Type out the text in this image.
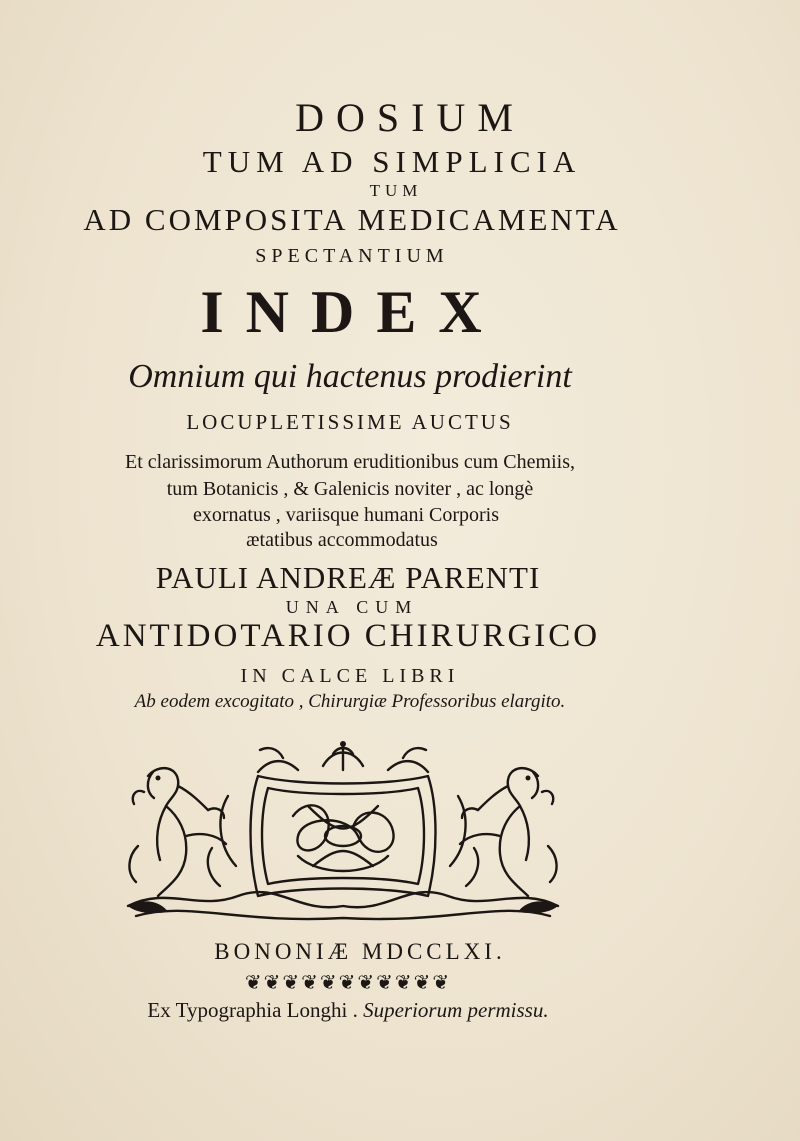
DOSIUM
TUM AD SIMPLICIA
TUM
AD COMPOSITA MEDICAMENTA
SPECTANTIUM
INDEX
Omnium qui hactenus prodierint
LOCUPLETISSIME AUCTUS
Et clarissimorum Authorum eruditionibus cum Chemiis,
tum Botanicis , & Galenicis noviter , ac longè
exornatus , variisque humani Corporis
ætatibus accommodatus
PAULI ANDREÆ PARENTI
UNA CUM
ANTIDOTARIO CHIRURGICO
IN CALCE LIBRI
Ab eodem excogitato , Chirurgiæ Professoribus elargito.
BONONIÆ MDCCLXI.
❦❦❦❦❦❦❦❦❦❦❦
Ex Typographia Longhi . Superiorum permissu.
